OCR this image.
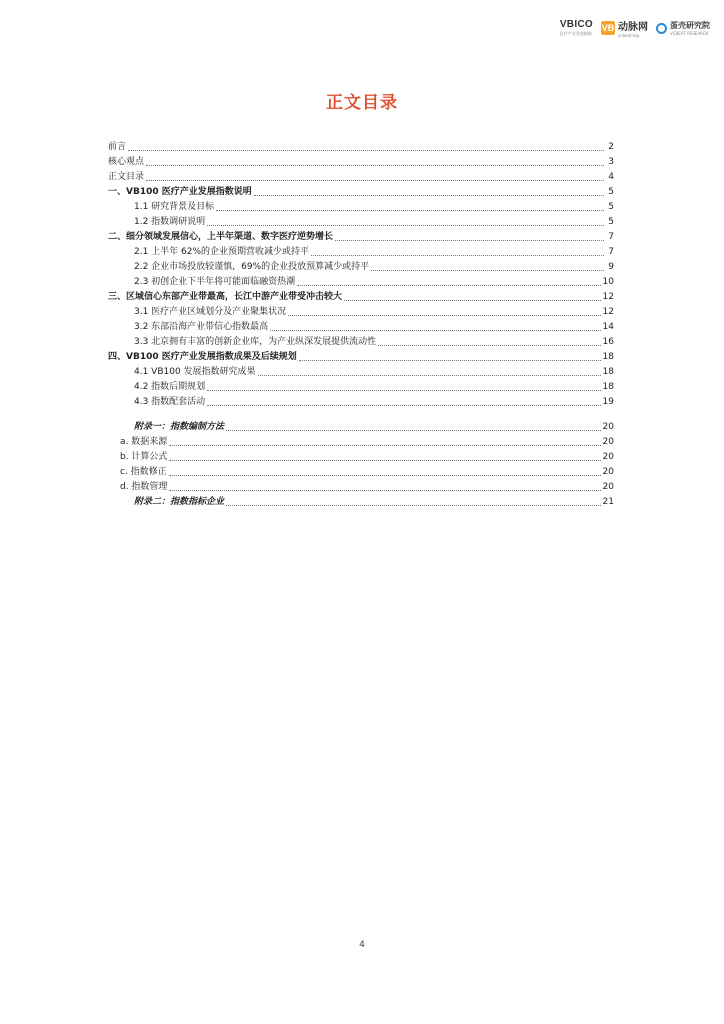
VBICO
医疗产业发展指数
VB 动脉网
vcbeat.top
蛋壳研究院
VCBEAT RESEARCH
正文目录
前言	2
核心观点	3
正文目录	4
一、VB100 医疗产业发展指数说明	5
1.1 研究背景及目标	5
1.2 指数调研说明	5
二、细分领域发展信心，上半年渠道、数字医疗逆势增长	7
2.1 上半年 62%的企业预期营收减少或持平	7
2.2 企业市场投放较谨慎，69%的企业投放预算减少或持平	9
2.3 初创企业下半年将可能面临融资热潮	10
三、区域信心东部产业带最高，长江中游产业带受冲击较大	12
3.1 医疗产业区域划分及产业聚集状况	12
3.2 东部沿海产业带信心指数最高	14
3.3 北京拥有丰富的创新企业库，为产业纵深发展提供流动性	16
四、VB100 医疗产业发展指数成果及后续规划	18
4.1 VB100 发展指数研究成果	18
4.2 指数后期规划	18
4.3 指数配套活动	19
附录一：指数编制方法	20
a. 数据来源	20
b. 计算公式	20
c. 指数修正	20
d. 指数管理	20
附录二：指数指标企业	21
4
